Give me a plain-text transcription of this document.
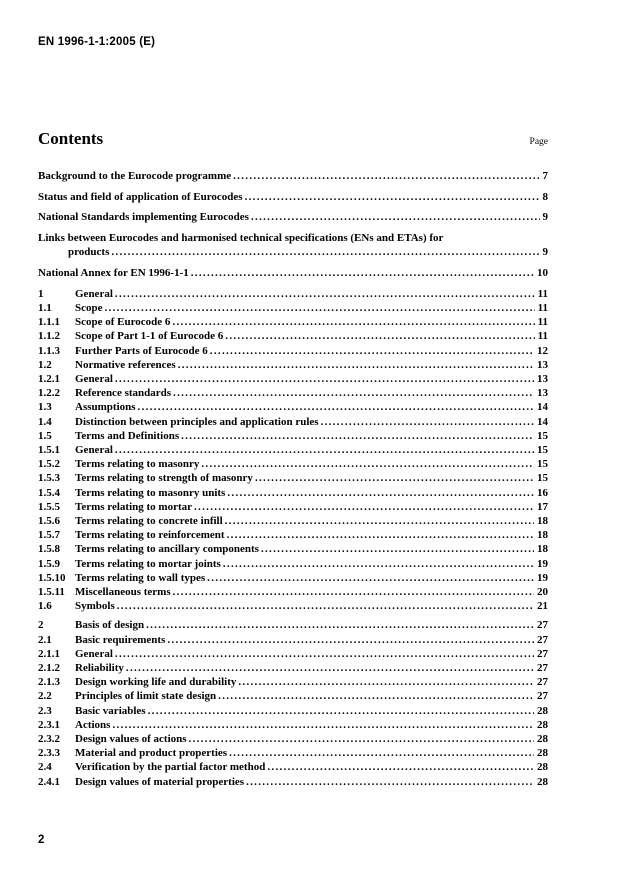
EN 1996-1-1:2005 (E)
Contents	Page
Background to the Eurocode programme .....	7
Status and field of application of Eurocodes .....	8
National Standards implementing Eurocodes .....	9
Links between Eurocodes and harmonised technical specifications (ENs and ETAs) for
products .....	9
National Annex for EN 1996-1-1 .....	10
1	General .....	11
1.1	Scope .....	11
1.1.1	Scope of Eurocode 6 .....	11
1.1.2	Scope of Part 1-1 of Eurocode 6 .....	11
1.1.3	Further Parts of Eurocode 6 .....	12
1.2	Normative references .....	13
1.2.1	General .....	13
1.2.2	Reference standards .....	13
1.3	Assumptions .....	14
1.4	Distinction between principles and application rules .....	14
1.5	Terms and Definitions .....	15
1.5.1	General .....	15
1.5.2	Terms relating to masonry .....	15
1.5.3	Terms relating to strength of masonry .....	15
1.5.4	Terms relating to masonry units .....	16
1.5.5	Terms relating to mortar .....	17
1.5.6	Terms relating to concrete infill .....	18
1.5.7	Terms relating to reinforcement .....	18
1.5.8	Terms relating to ancillary components .....	18
1.5.9	Terms relating to mortar joints .....	19
1.5.10 Terms relating to wall types .....	19
1.5.11 Miscellaneous terms .....	20
1.6	Symbols .....	21
2	Basis of design .....	27
2.1	Basic requirements .....	27
2.1.1	General .....	27
2.1.2	Reliability .....	27
2.1.3	Design working life and durability .....	27
2.2	Principles of limit state design .....	27
2.3	Basic variables .....	28
2.3.1	Actions .....	28
2.3.2	Design values of actions .....	28
2.3.3	Material and product properties .....	28
2.4	Verification by the partial factor method .....	28
2.4.1	Design values of material properties .....	28
2
